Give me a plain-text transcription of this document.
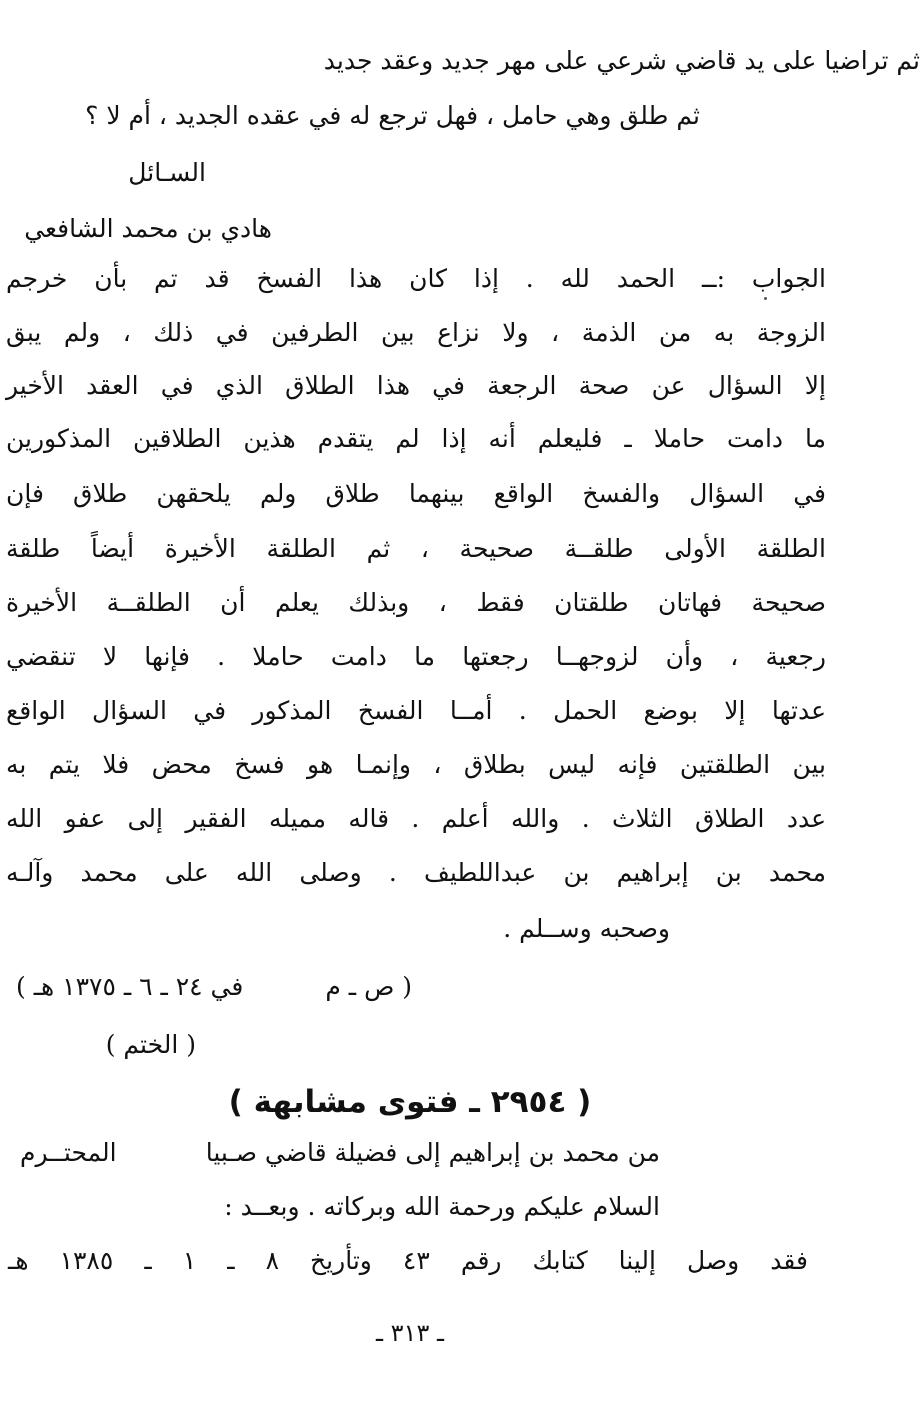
ثم تراضيا على يد قاضي شرعي على مهر جديد وعقد جديد
ثم طلق وهي حامل ، فهل ترجع له في عقده الجديد ، أم لا ؟
السـائل
هادي بن محمد الشافعي
الجواب :ــ الحمد لله . إذا كان هذا الفسخ قد تم بأن خرجم
الزوجة به من الذمة ، ولا نزاع بين الطرفين في ذلك ، ولم يبق
إلا السؤال عن صحة الرجعة في هذا الطلاق الذي في العقد الأخير
ما دامت حاملا ـ فليعلم أنه إذا لم يتقدم هذين الطلاقين المذكورين
في السؤال والفسخ الواقع بينهما طلاق ولم يلحقهن طلاق فإن
الطلقة الأولى طلقــة صحيحة ، ثم الطلقة الأخيرة أيضاً طلقة
صحيحة فهاتان طلقتان فقط ، وبذلك يعلم أن الطلقــة الأخيرة
رجعية ، وأن لزوجهــا رجعتها ما دامت حاملا . فإنها لا تنقضي
عدتها إلا بوضع الحمل . أمــا الفسخ المذكور في السؤال الواقع
بين الطلقتين فإنه ليس بطلاق ، وإنمـا هو فسخ محض فلا يتم به
عدد الطلاق الثلاث . والله أعلم . قاله مميله الفقير إلى عفو الله
محمد بن إبراهيم بن عبداللطيف . وصلى الله على محمد وآلـه
وصحبه وســلم .
( ص ـ م
في ٢٤ ـ ٦ ـ ١٣٧٥ هـ )
( الختم )
( ٢٩٥٤ ـ فتوى مشابهة )
من محمد بن إبراهيم إلى فضيلة قاضي صـبيا
المحتــرم
السلام عليكم ورحمة الله وبركاته . وبعــد :
فقد وصل إلينا كتابك رقم ٤٣ وتأريخ ٨ ـ ١ ـ ١٣٨٥ هـ
ـ ٣١٣ ـ
